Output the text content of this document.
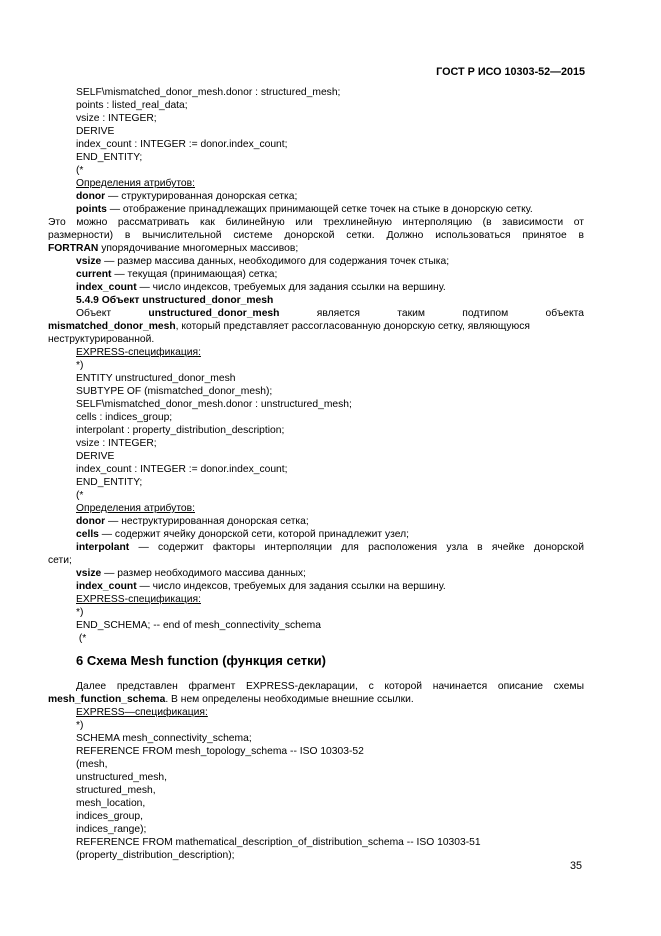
ГОСТ Р ИСО 10303-52—2015
SELF\mismatched_donor_mesh.donor : structured_mesh;
points : listed_real_data;
vsize : INTEGER;
DERIVE
index_count : INTEGER := donor.index_count;
END_ENTITY;
(*
Определения атрибутов:
donor — структурированная донорская сетка;
points — отображение принадлежащих принимающей сетке точек на стыке в донорскую сетку.
Это можно рассматривать как билинейную или трехлинейную интерполяцию (в зависимости от
размерности) в вычислительной системе донорской сетки. Должно использоваться принятое в
FORTRAN упорядочивание многомерных массивов;
vsize — размер массива данных, необходимого для содержания точек стыка;
current — текущая (принимающая) сетка;
index_count — число индексов, требуемых для задания ссылки на вершину.
5.4.9 Объект unstructured_donor_mesh
Объект	unstructured_donor_mesh	является	таким	подтипом	объекта
mismatched_donor_mesh, который представляет рассогласованную донорскую сетку, являющуюся
неструктурированной.
EXPRESS-спецификация:
*)
ENTITY unstructured_donor_mesh
SUBTYPE OF (mismatched_donor_mesh);
SELF\mismatched_donor_mesh.donor : unstructured_mesh;
cells : indices_group;
interpolant : property_distribution_description;
vsize : INTEGER;
DERIVE
index_count : INTEGER := donor.index_count;
END_ENTITY;
(*
Определения атрибутов:
donor — неструктурированная донорская сетка;
cells — содержит ячейку донорской сети, которой принадлежит узел;
interpolant — содержит факторы интерполяции для расположения узла в ячейке донорской
сети;
vsize — размер необходимого массива данных;
index_count — число индексов, требуемых для задания ссылки на вершину.
EXPRESS-спецификация:
*)
END_SCHEMA; -- end of mesh_connectivity_schema
(*
6 Схема Mesh function (функция сетки)
Далее представлен фрагмент EXPRESS-декларации, с которой начинается описание схемы
mesh_function_schema. В нем определены необходимые внешние ссылки.
EXPRESS—спецификация:
*)
SCHEMA mesh_connectivity_schema;
REFERENCE FROM mesh_topology_schema -- ISO 10303-52
(mesh,
unstructured_mesh,
structured_mesh,
mesh_location,
indices_group,
indices_range);
REFERENCE FROM mathematical_description_of_distribution_schema -- ISO 10303-51
(property_distribution_description);
35
